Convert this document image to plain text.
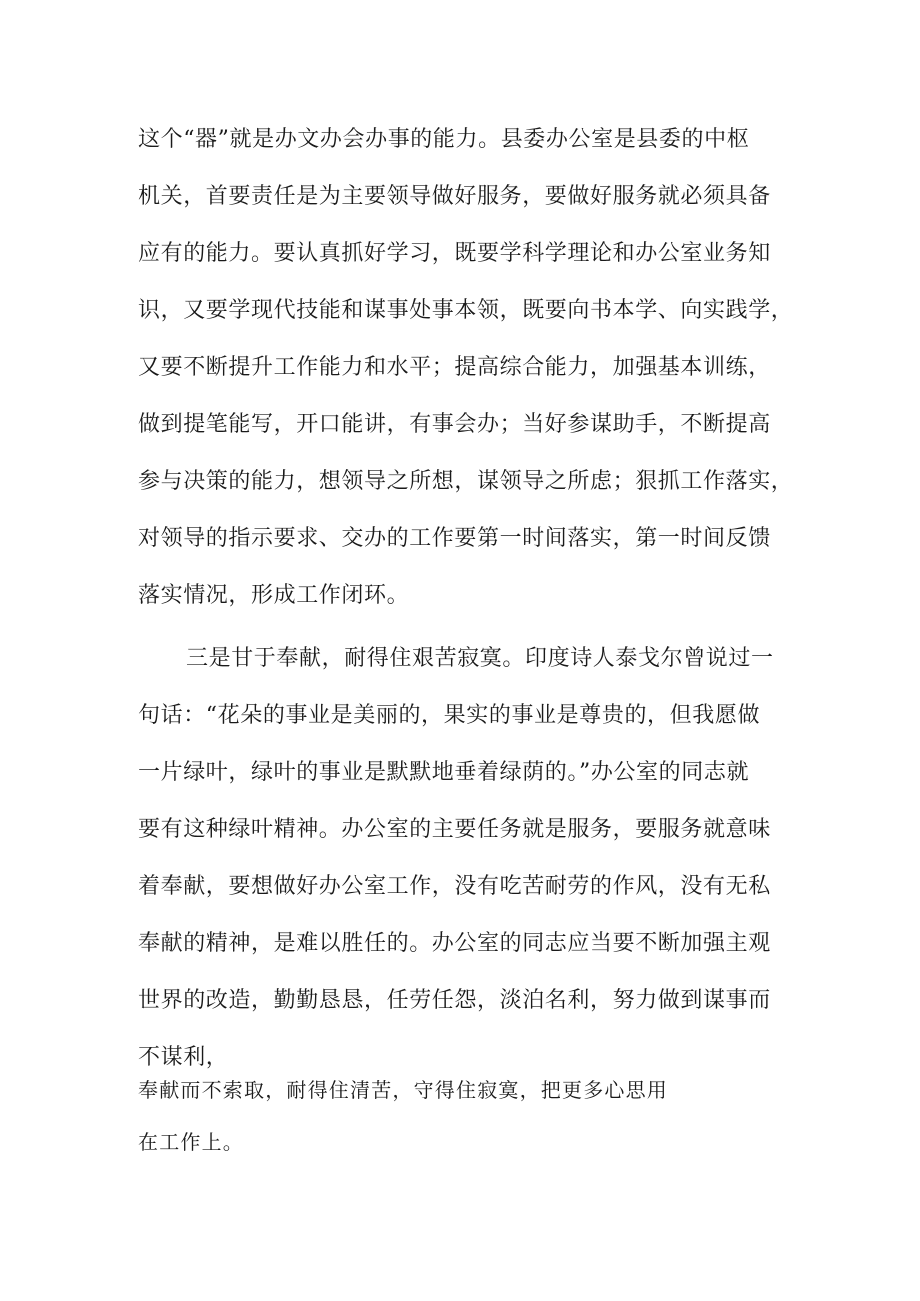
这个“器”就是办文办会办事的能力。县委办公室是县委的中枢
机关，首要责任是为主要领导做好服务，要做好服务就必须具备
应有的能力。要认真抓好学习，既要学科学理论和办公室业务知
识，又要学现代技能和谋事处事本领，既要向书本学、向实践学，
又要不断提升工作能力和水平；提高综合能力，加强基本训练，
做到提笔能写，开口能讲，有事会办；当好参谋助手，不断提高
参与决策的能力，想领导之所想，谋领导之所虑；狠抓工作落实，
对领导的指示要求、交办的工作要第一时间落实，第一时间反馈
落实情况，形成工作闭环。
三是甘于奉献，耐得住艰苦寂寞。印度诗人泰戈尔曾说过一
句话：“花朵的事业是美丽的，果实的事业是尊贵的，但我愿做
一片绿叶，绿叶的事业是默默地垂着绿荫的。”办公室的同志就
要有这种绿叶精神。办公室的主要任务就是服务，要服务就意味
着奉献，要想做好办公室工作，没有吃苦耐劳的作风，没有无私
奉献的精神，是难以胜任的。办公室的同志应当要不断加强主观
世界的改造，勤勤恳恳，任劳任怨，淡泊名利，努力做到谋事而
不谋利，
奉献而不索取，耐得住清苦，守得住寂寞，把更多心思用
在工作上。
